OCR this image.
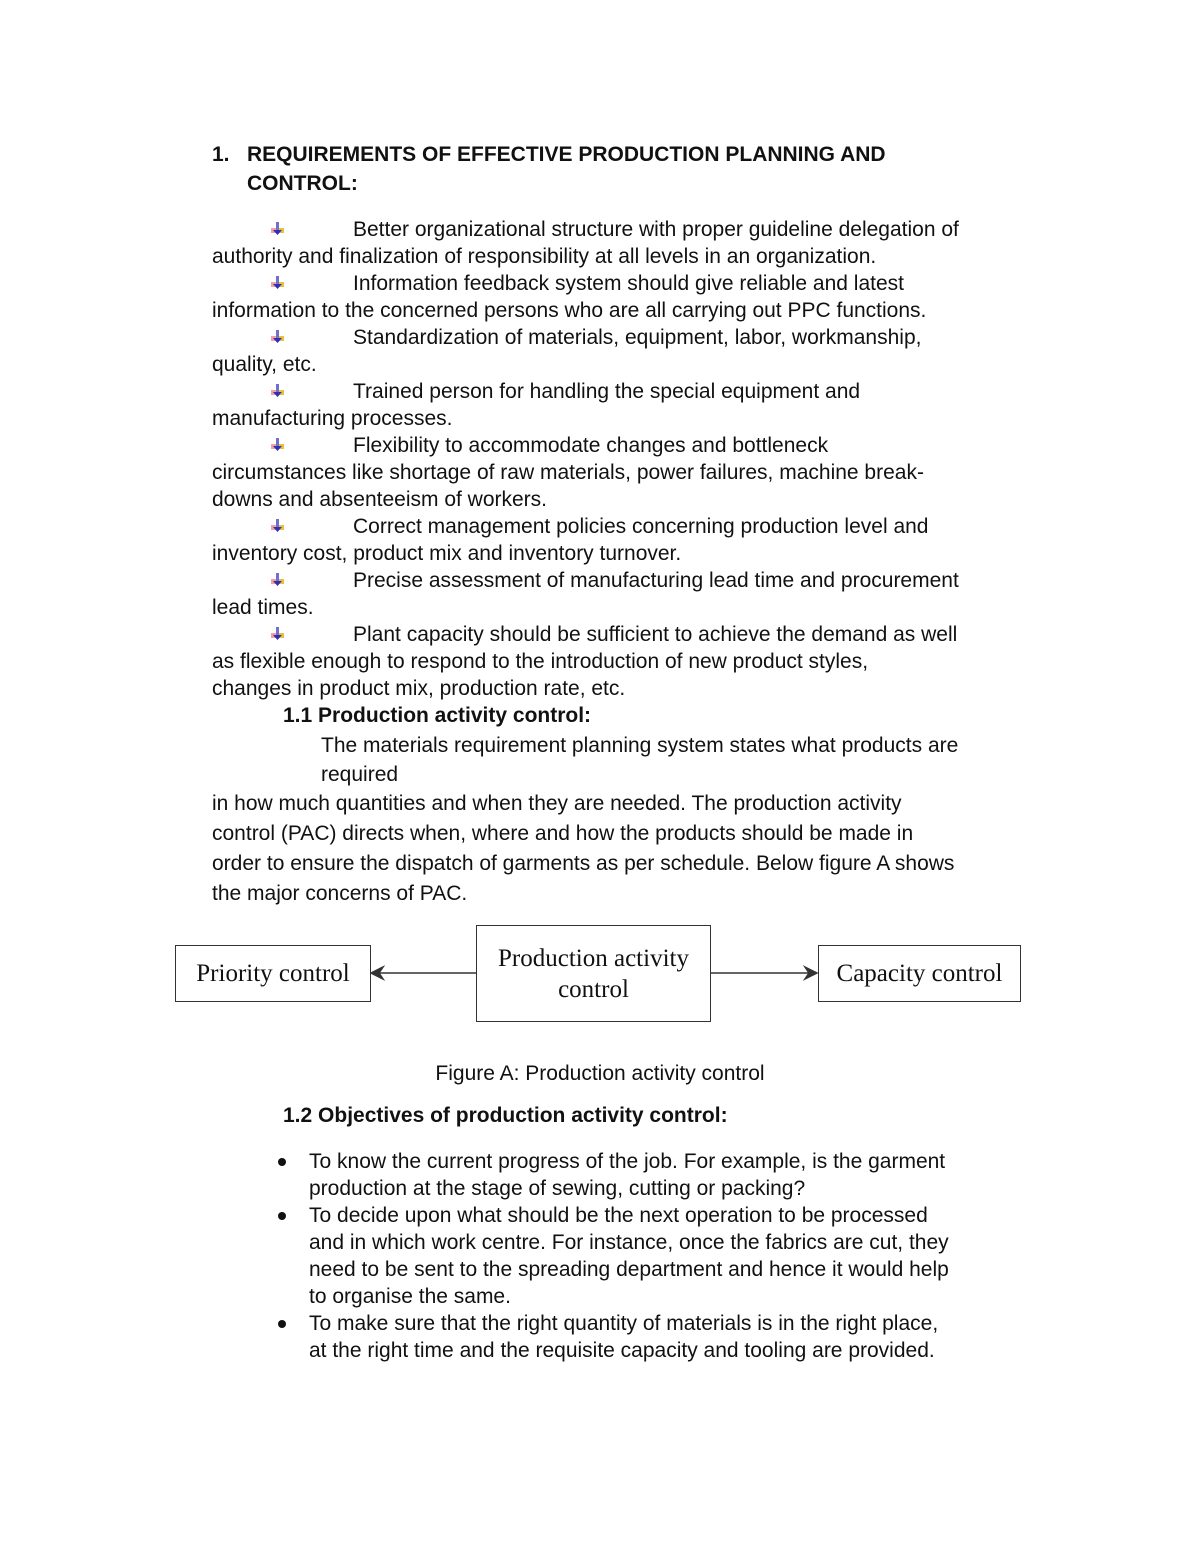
1. REQUIREMENTS OF EFFECTIVE PRODUCTION PLANNING AND
CONTROL:
Better organizational structure with proper guideline delegation of
authority and finalization of responsibility at all levels in an organization.
Information feedback system should give reliable and latest
information to the concerned persons who are all carrying out PPC functions.
Standardization of materials, equipment, labor, workmanship,
quality, etc.
Trained person for handling the special equipment and
manufacturing processes.
Flexibility to accommodate changes and bottleneck
circumstances like shortage of raw materials, power failures, machine break-
downs and absenteeism of workers.
Correct management policies concerning production level and
inventory cost, product mix and inventory turnover.
Precise assessment of manufacturing lead time and procurement
lead times.
Plant capacity should be sufficient to achieve the demand as well
as flexible enough to respond to the introduction of new product styles,
changes in product mix, production rate, etc.
1.1 Production activity control:
The materials requirement planning system states what products are
required
in how much quantities and when they are needed. The production activity
control (PAC) directs when, where and how the products should be made in
order to ensure the dispatch of garments as per schedule. Below figure A shows
the major concerns of PAC.
Priority control
Production activity
control
Capacity control
Figure A: Production activity control
1.2 Objectives of production activity control:
To know the current progress of the job. For example, is the garment
production at the stage of sewing, cutting or packing?
To decide upon what should be the next operation to be processed
and in which work centre. For instance, once the fabrics are cut, they
need to be sent to the spreading department and hence it would help
to organise the same.
To make sure that the right quantity of materials is in the right place,
at the right time and the requisite capacity and tooling are provided.
